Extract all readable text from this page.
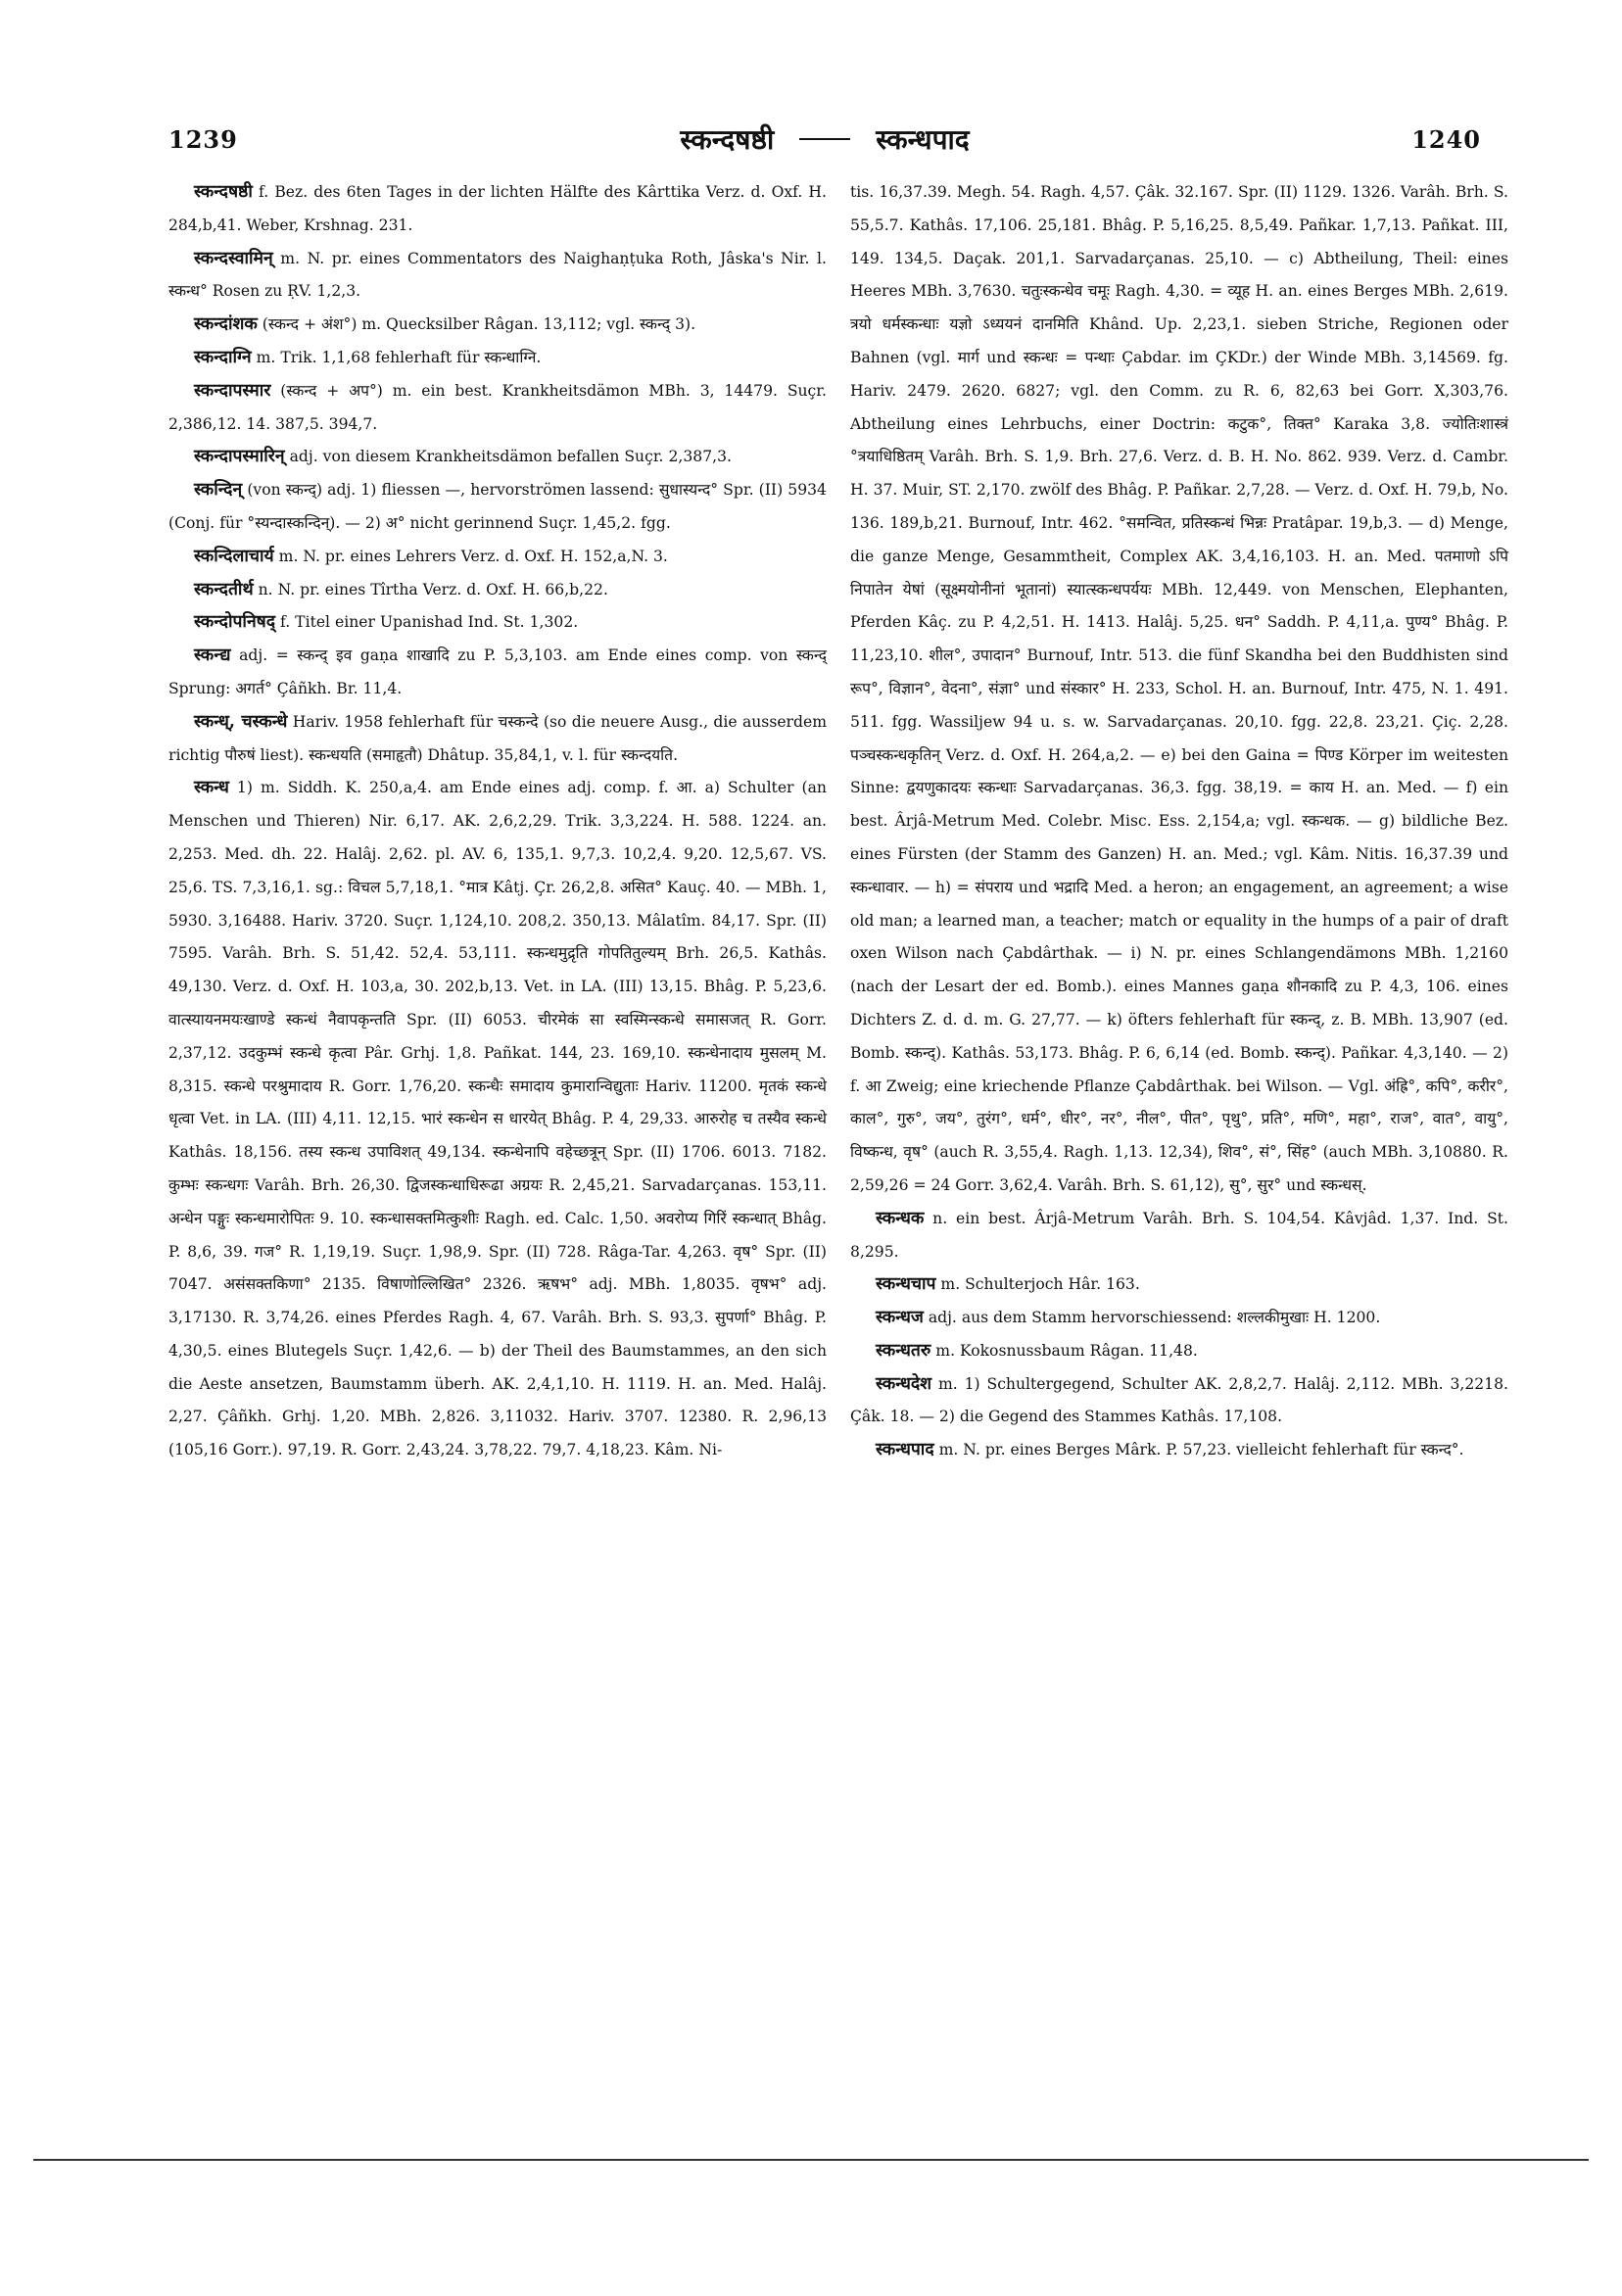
1239	स्कन्दषष्ठी	स्कन्धपाद	1240

स्कन्दषष्ठी f. Bez. des 6ten Tages in der lichten Hälfte des Kârttika Verz. d. Oxf. H. 284,b,41. Weber, Krshnag. 231.

स्कन्दस्वामिन् m. N. pr. eines Commentators des Naighaṇṭuka Roth, Jâska's Nir. l. स्कन्ध° Rosen zu ṚV. 1,2,3.

स्कन्दांशक (स्कन्द + अंश°) m. Quecksilber Râgan. 13,112; vgl. स्कन्द् 3).

स्कन्दाग्नि m. Trik. 1,1,68 fehlerhaft für स्कन्धाग्नि.

स्कन्दापस्मार (स्कन्द + अप°) m. ein best. Krankheitsdämon MBh. 3, 14479. Suçr. 2,386,12. 14. 387,5. 394,7.

स्कन्दापस्मारिन् adj. von diesem Krankheitsdämon befallen Suçr. 2,387,3.

स्कन्दिन् (von स्कन्द्) adj. 1) fliessen —, hervorströmen lassend: सुधास्यन्द° Spr. (II) 5934 (Conj. für °स्यन्दास्कन्दिन्). — 2) अ° nicht gerinnend Suçr. 1,45,2. fgg.

स्कन्दिलाचार्य m. N. pr. eines Lehrers Verz. d. Oxf. H. 152,a,N. 3.

स्कन्दतीर्थ n. N. pr. eines Tîrtha Verz. d. Oxf. H. 66,b,22.

स्कन्दोपनिषद् f. Titel einer Upanishad Ind. St. 1,302.

स्कन्द्य adj. = स्कन्द् इव gaṇa शाखादि zu P. 5,3,103. am Ende eines comp. von स्कन्द् Sprung: अगर्त° Çâñkh. Br. 11,4.

स्कन्ध्, चस्कन्धे Hariv. 1958 fehlerhaft für चस्कन्दे (so die neuere Ausg., die ausserdem richtig पौरुषं liest). स्कन्धयति (समाहृतौ) Dhâtup. 35,84,1, v. l. für स्कन्दयति.

स्कन्ध 1) m. Siddh. K. 250,a,4. am Ende eines adj. comp. f. आ. a) Schulter (an Menschen und Thieren) Nir. 6,17. AK. 2,6,2,29. Trik. 3,3,224. H. 588. 1224. an. 2,253. Med. dh. 22. Halâj. 2,62. pl. AV. 6, 135,1. 9,7,3. 10,2,4. 9,20. 12,5,67. VS. 25,6. TS. 7,3,16,1. sg.: विचल 5,7,18,1. °मात्र Kâtj. Çr. 26,2,8. असित° Kauç. 40. — MBh. 1, 5930. 3,16488. Hariv. 3720. Suçr. 1,124,10. 208,2. 350,13. Mâlatîm. 84,17. Spr. (II) 7595. Varâh. Brh. S. 51,42. 52,4. 53,111. स्कन्धमुद्रृति गोपतितुल्यम् Brh. 26,5. Kathâs. 49,130. Verz. d. Oxf. H. 103,a, 30. 202,b,13. Vet. in LA. (III) 13,15. Bhâg. P. 5,23,6. वात्स्यायनमयःखाण्डे स्कन्धं नैवापकृन्तति Spr. (II) 6053. चीरमेकं सा स्वस्मिन्स्कन्धे समासजत् R. Gorr. 2,37,12. उदकुम्भं स्कन्धे कृत्वा Pâr. Grhj. 1,8. Pañkat. 144, 23. 169,10. स्कन्धेनादाय मुसलम् M. 8,315. स्कन्धे परश्रुमादाय R. Gorr. 1,76,20. स्कन्धैः समादाय कुमारान्विद्युताः Hariv. 11200. मृतकं स्कन्धे धृत्वा Vet. in LA. (III) 4,11. 12,15. भारं स्कन्धेन स धारयेत् Bhâg. P. 4, 29,33. आरुरोह च तस्यैव स्कन्धे Kathâs. 18,156. तस्य स्कन्ध उपाविशत् 49,134. स्कन्धेनापि वहेच्छत्रून् Spr. (II) 1706. 6013. 7182. कुम्भः स्कन्धगः Varâh. Brh. 26,30. द्विजस्कन्धाधिरूढा अग्रयः R. 2,45,21. Sarvadarçanas. 153,11. अन्धेन पङ्गुः स्कन्धमारोपितः 9. 10. स्कन्धासक्तमित्कुशीः Ragh. ed. Calc. 1,50. अवरोप्य गिरिं स्कन्धात् Bhâg. P. 8,6, 39. गज° R. 1,19,19. Suçr. 1,98,9. Spr. (II) 728. Râga-Tar. 4,263. वृष° Spr. (II) 7047. असंसक्तकिणा° 2135. विषाणोल्लिखित° 2326. ऋषभ° adj. MBh. 1,8035. वृषभ° adj. 3,17130. R. 3,74,26. eines Pferdes Ragh. 4, 67. Varâh. Brh. S. 93,3. सुपर्णा° Bhâg. P. 4,30,5. eines Blutegels Suçr. 1,42,6. — b) der Theil des Baumstammes, an den sich die Aeste ansetzen, Baumstamm überh. AK. 2,4,1,10. H. 1119. H. an. Med. Halâj. 2,27. Çâñkh. Grhj. 1,20. MBh. 2,826. 3,11032. Hariv. 3707. 12380. R. 2,96,13 (105,16 Gorr.). 97,19. R. Gorr. 2,43,24. 3,78,22. 79,7. 4,18,23. Kâm. Ni-

tis. 16,37.39. Megh. 54. Ragh. 4,57. Çâk. 32.167. Spr. (II) 1129. 1326. Varâh. Brh. S. 55,5.7. Kathâs. 17,106. 25,181. Bhâg. P. 5,16,25. 8,5,49. Pañkar. 1,7,13. Pañkat. III, 149. 134,5. Daçak. 201,1. Sarvadarçanas. 25,10. — c) Abtheilung, Theil: eines Heeres MBh. 3,7630. चतुःस्कन्धेव चमूः Ragh. 4,30. = व्यूह H. an. eines Berges MBh. 2,619. त्रयो धर्मस्कन्धाः यज्ञो ऽध्ययनं दानमिति Khând. Up. 2,23,1. sieben Striche, Regionen oder Bahnen (vgl. मार्ग und स्कन्धः = पन्थाः Çabdar. im ÇKDr.) der Winde MBh. 3,14569. fg. Hariv. 2479. 2620. 6827; vgl. den Comm. zu R. 6, 82,63 bei Gorr. X,303,76. Abtheilung eines Lehrbuchs, einer Doctrin: कटुक°, तिक्त° Karaka 3,8. ज्योतिःशास्त्रं °त्रयाधिष्ठितम् Varâh. Brh. S. 1,9. Brh. 27,6. Verz. d. B. H. No. 862. 939. Verz. d. Cambr. H. 37. Muir, ST. 2,170. zwölf des Bhâg. P. Pañkar. 2,7,28. — Verz. d. Oxf. H. 79,b, No. 136. 189,b,21. Burnouf, Intr. 462. °समन्वित, प्रतिस्कन्धं भिन्नः Pratâpar. 19,b,3. — d) Menge, die ganze Menge, Gesammtheit, Complex AK. 3,4,16,103. H. an. Med. पतमाणो ऽपि निपातेन येषां (सूक्ष्मयोनीनां भूतानां) स्यात्स्कन्धपर्ययः MBh. 12,449. von Menschen, Elephanten, Pferden Kâç. zu P. 4,2,51. H. 1413. Halâj. 5,25. धन° Saddh. P. 4,11,a. पुण्य° Bhâg. P. 11,23,10. शील°, उपादान° Burnouf, Intr. 513. die fünf Skandha bei den Buddhisten sind रूप°, विज्ञान°, वेदना°, संज्ञा° und संस्कार° H. 233, Schol. H. an. Burnouf, Intr. 475, N. 1. 491. 511. fgg. Wassiljew 94 u. s. w. Sarvadarçanas. 20,10. fgg. 22,8. 23,21. Çiç. 2,28. पञ्चस्कन्धकृतिन् Verz. d. Oxf. H. 264,a,2. — e) bei den Gaina = पिण्ड Körper im weitesten Sinne: द्वयणुकादयः स्कन्धाः Sarvadarçanas. 36,3. fgg. 38,19. = काय H. an. Med. — f) ein best. Ârjâ-Metrum Med. Colebr. Misc. Ess. 2,154,a; vgl. स्कन्धक. — g) bildliche Bez. eines Fürsten (der Stamm des Ganzen) H. an. Med.; vgl. Kâm. Nitis. 16,37.39 und स्कन्धावार. — h) = संपराय und भद्रादि Med. a heron; an engagement, an agreement; a wise old man; a learned man, a teacher; match or equality in the humps of a pair of draft oxen Wilson nach Çabdârthak. — i) N. pr. eines Schlangendämons MBh. 1,2160 (nach der Lesart der ed. Bomb.). eines Mannes gaṇa शौनकादि zu P. 4,3, 106. eines Dichters Z. d. d. m. G. 27,77. — k) öfters fehlerhaft für स्कन्द्, z. B. MBh. 13,907 (ed. Bomb. स्कन्द्). Kathâs. 53,173. Bhâg. P. 6, 6,14 (ed. Bomb. स्कन्द्). Pañkar. 4,3,140. — 2) f. आ Zweig; eine kriechende Pflanze Çabdârthak. bei Wilson. — Vgl. अंह्रि°, कपि°, करीर°, काल°, गुरु°, जय°, तुरंग°, धर्म°, धीर°, नर°, नील°, पीत°, पृथु°, प्रति°, मणि°, महा°, राज°, वात°, वायु°, विष्कन्ध, वृष° (auch R. 3,55,4. Ragh. 1,13. 12,34), शिव°, सं°, सिंह° (auch MBh. 3,10880. R. 2,59,26 = 24 Gorr. 3,62,4. Varâh. Brh. S. 61,12), सु°, सुर° und स्कन्धस्.

स्कन्धक n. ein best. Ârjâ-Metrum Varâh. Brh. S. 104,54. Kâvjâd. 1,37. Ind. St. 8,295.

स्कन्धचाप m. Schulterjoch Hâr. 163.

स्कन्धज adj. aus dem Stamm hervorschiessend: शल्लकीमुखाः H. 1200.

स्कन्धतरु m. Kokosnussbaum Râgan. 11,48.

स्कन्धदेश m. 1) Schultergegend, Schulter AK. 2,8,2,7. Halâj. 2,112. MBh. 3,2218. Çâk. 18. — 2) die Gegend des Stammes Kathâs. 17,108.

स्कन्धपाद m. N. pr. eines Berges Mârk. P. 57,23. vielleicht fehlerhaft für स्कन्द°.
